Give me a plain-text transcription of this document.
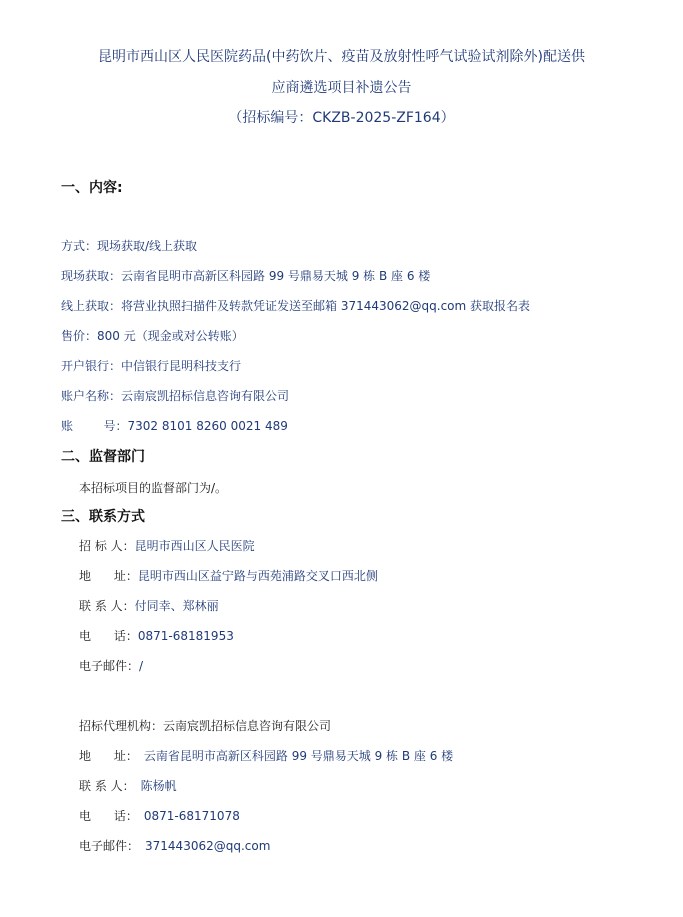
昆明市西山区人民医院药品(中药饮片、疫苗及放射性呼气试验试剂除外)配送供
应商遴选项目补遗公告
（招标编号：CKZB-2025-ZF164）
一、内容:
方式：现场获取/线上获取
现场获取：云南省昆明市高新区科园路 99 号鼎易天城 9 栋 B 座 6 楼
线上获取：将营业执照扫描件及转款凭证发送至邮箱 371443062@qq.com 获取报名表
售价：800 元（现金或对公转账）
开户银行：中信银行昆明科技支行
账户名称：云南宸凯招标信息咨询有限公司
账        号：7302 8101 8260 0021 489
二、监督部门
本招标项目的监督部门为/。
三、联系方式
招 标 人：昆明市西山区人民医院
地      址：昆明市西山区益宁路与西苑浦路交叉口西北侧
联 系 人：付同幸、郑林丽
电      话：0871-68181953
电子邮件：/
招标代理机构：云南宸凯招标信息咨询有限公司
地      址： 云南省昆明市高新区科园路 99 号鼎易天城 9 栋 B 座 6 楼
联 系 人： 陈杨帆
电      话： 0871-68171078
电子邮件： 371443062@qq.com
